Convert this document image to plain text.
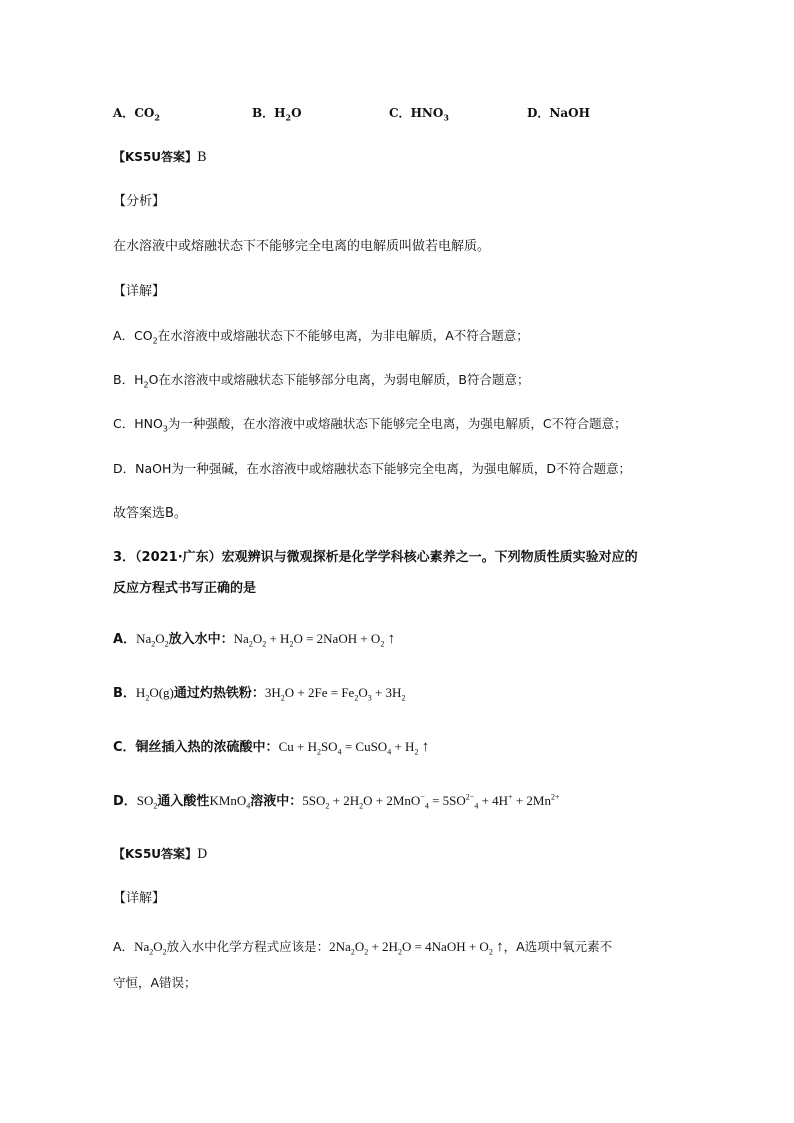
A．$CO_2$	B．$H_2O$	C．$HNO_3$	D．NaOH
【KS5U答案】B
【分析】
在水溶液中或熔融状态下不能够完全电离的电解质叫做若电解质。
【详解】
A．$CO_2$在水溶液中或熔融状态下不能够电离，为非电解质，A不符合题意；
B．$H_2O$在水溶液中或熔融状态下能够部分电离，为弱电解质，B符合题意；
C．$HNO_3$为一种强酸，在水溶液中或熔融状态下能够完全电离，为强电解质，C不符合题意；
D．NaOH为一种强碱，在水溶液中或熔融状态下能够完全电离，为强电解质，D不符合题意；
故答案选B。
3．（2021·广东）宏观辨识与微观探析是化学学科核心素养之一。下列物质性质实验对应的
反应方程式书写正确的是
A．$Na_2O_2$放入水中：$Na_2O_2 + H_2O$ = 2NaOH + $O_2$ ↑
B．$H_2O(g)$通过灼热铁粉：$3H_2O + 2Fe = Fe_2O_3 + 3H_2$
C．铜丝插入热的浓硫酸中：$Cu + H_2SO_4$ = CuSO$_4$ + $H_2$ ↑
D．$SO_2$通入酸性KMnO$_4$溶液中：$5SO_2 + 2H_2O + 2MnO^-_4 = 5SO^{2-}_4 + 4H^+ + 2Mn^{2+}$
【KS5U答案】D
【详解】
A．$Na_2O_2$放入水中化学方程式应该是：$2Na_2O_2 + 2H_2O$ = 4NaOH + $O_2$ ↑，A选项中氧元素不
守恒，A错误；
